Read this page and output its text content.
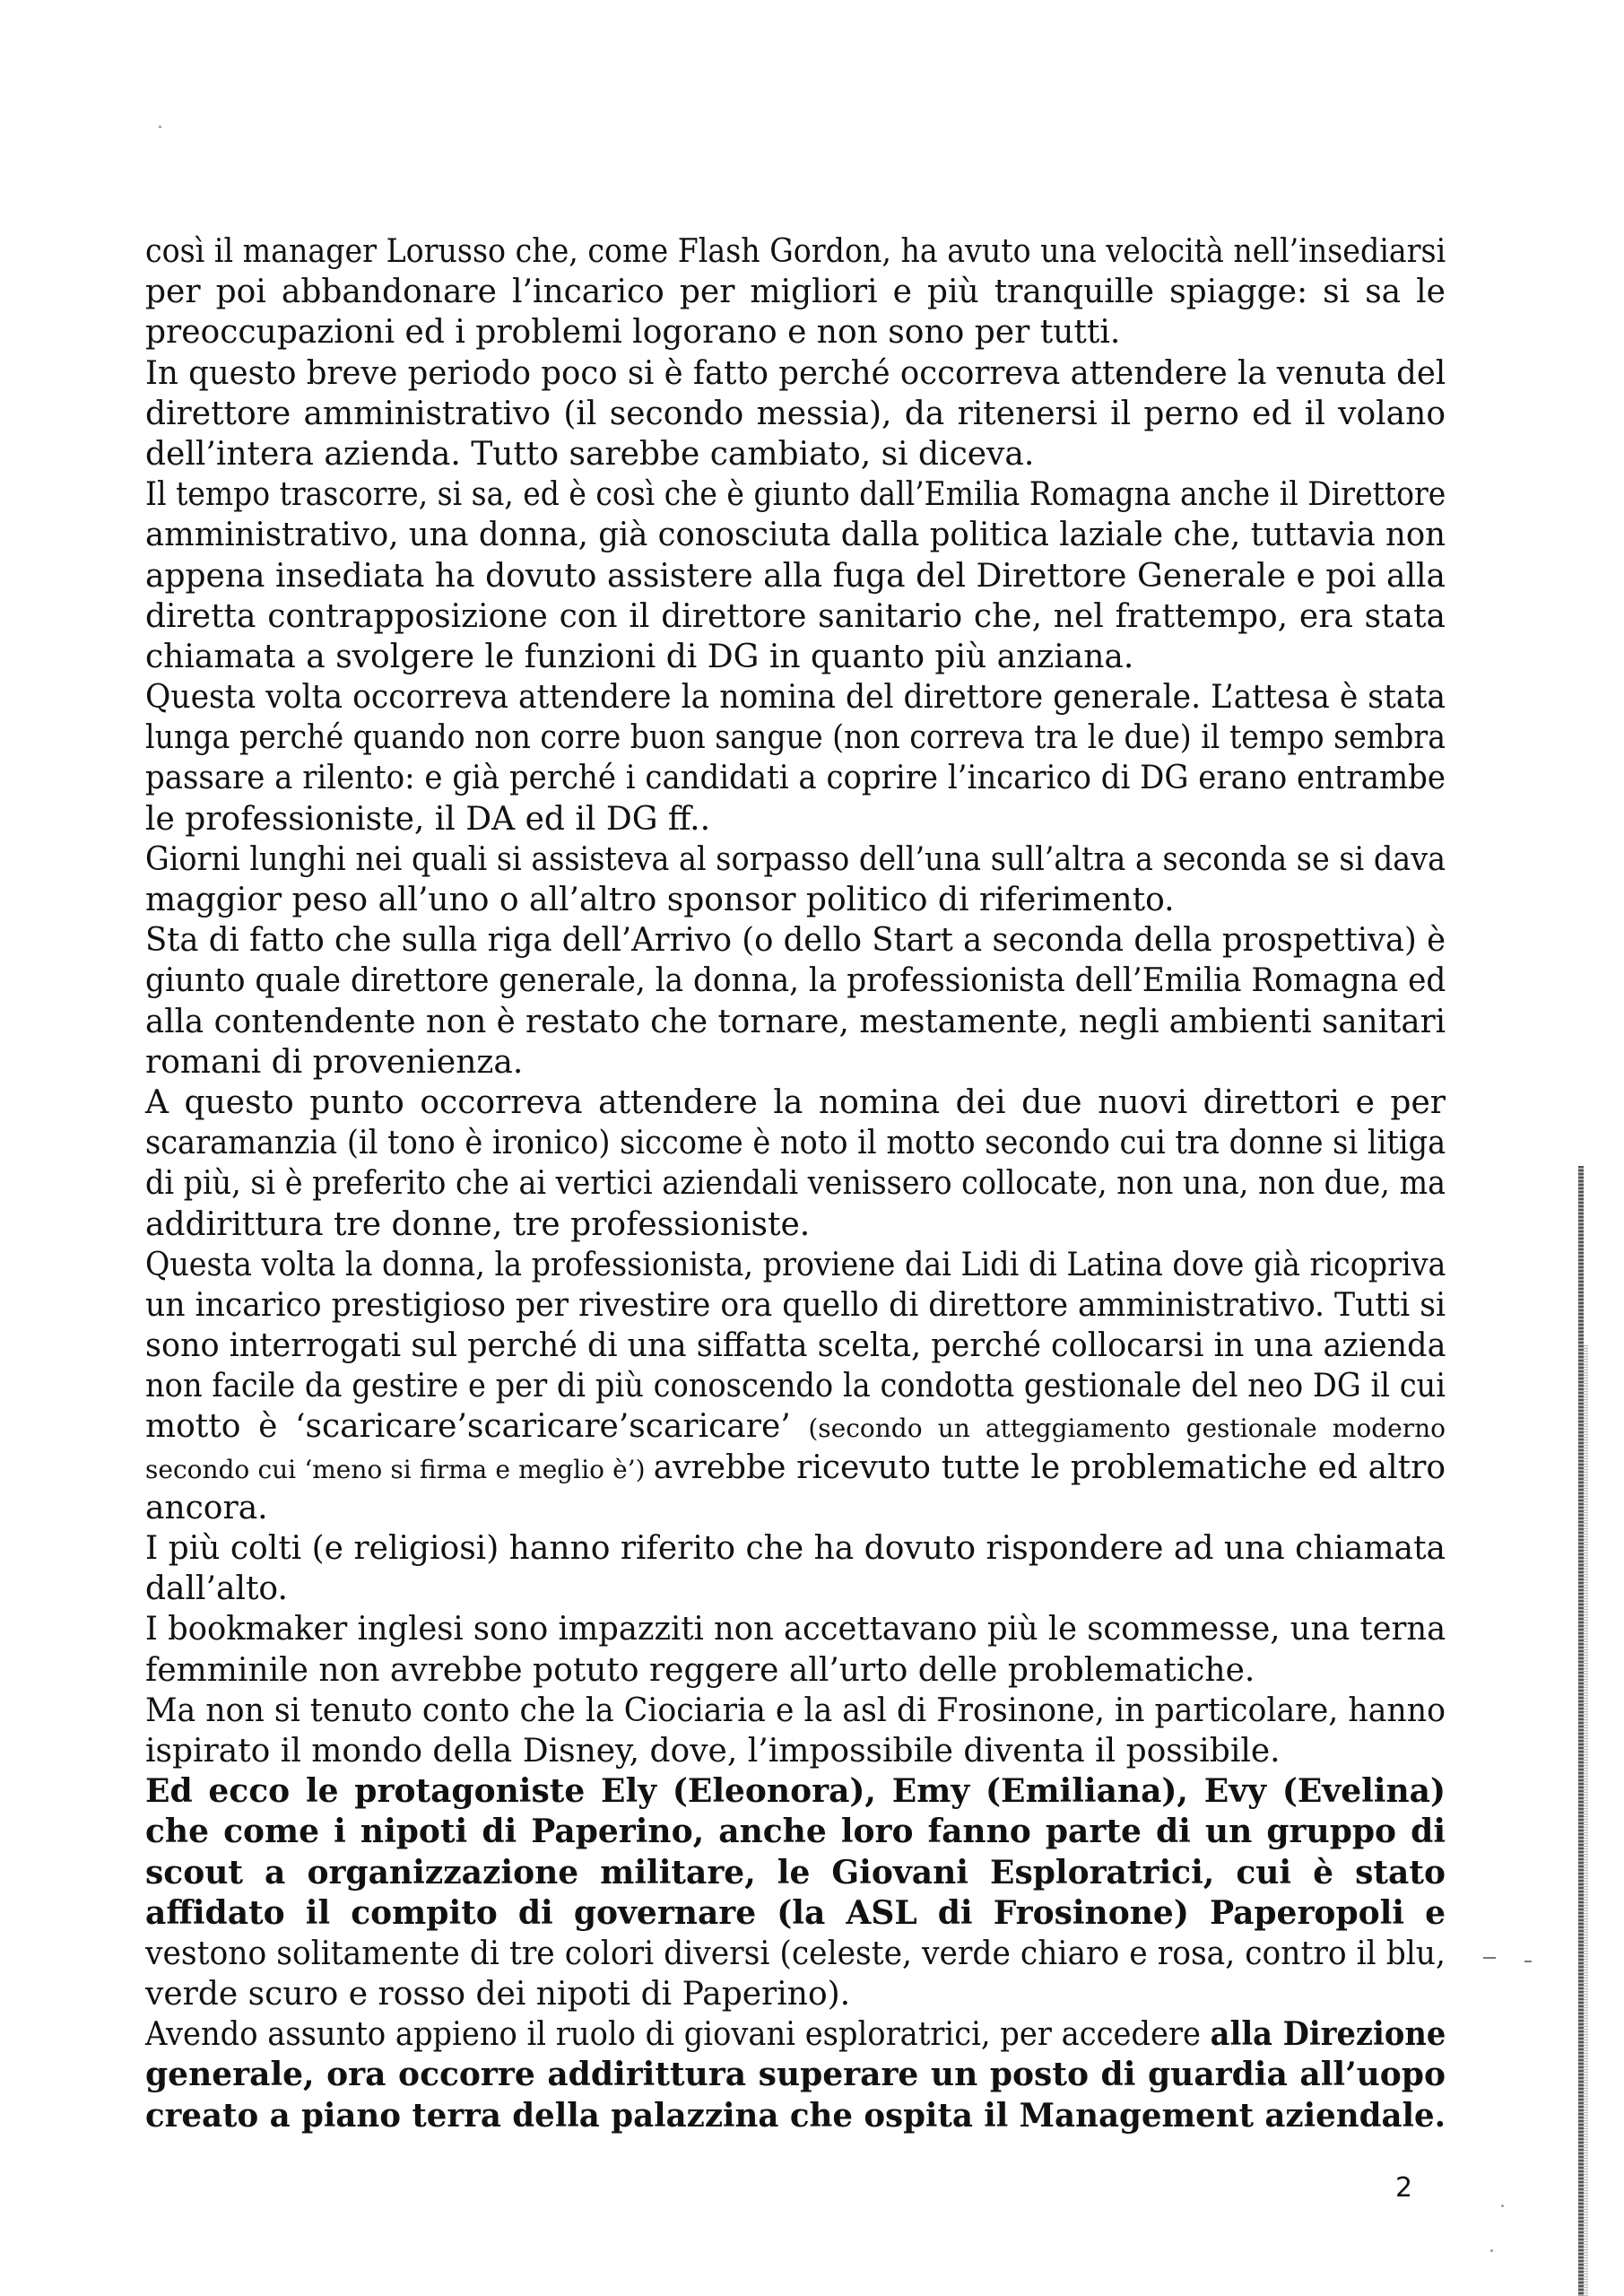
così il manager Lorusso che, come Flash Gordon, ha avuto una velocità nell’insediarsi
per poi abbandonare l’incarico per migliori e più tranquille spiagge: si sa le
preoccupazioni ed i problemi logorano e non sono per tutti.
In questo breve periodo poco si è fatto perché occorreva attendere la venuta del
direttore amministrativo (il secondo messia), da ritenersi il perno ed il volano
dell’intera azienda. Tutto sarebbe cambiato, si diceva.
Il tempo trascorre, si sa, ed è così che è giunto dall’Emilia Romagna anche il Direttore
amministrativo, una donna, già conosciuta dalla politica laziale che, tuttavia non
appena insediata ha dovuto assistere alla fuga del Direttore Generale e poi alla
diretta contrapposizione con il direttore sanitario che, nel frattempo, era stata
chiamata a svolgere le funzioni di DG in quanto più anziana.
Questa volta occorreva attendere la nomina del direttore generale. L’attesa è stata
lunga perché quando non corre buon sangue (non correva tra le due) il tempo sembra
passare a rilento: e già perché i candidati a coprire l’incarico di DG erano entrambe
le professioniste, il DA ed il DG ff..
Giorni lunghi nei quali si assisteva al sorpasso dell’una sull’altra a seconda se si dava
maggior peso all’uno o all’altro sponsor politico di riferimento.
Sta di fatto che sulla riga dell’Arrivo (o dello Start a seconda della prospettiva) è
giunto quale direttore generale, la donna, la professionista dell’Emilia Romagna ed
alla contendente non è restato che tornare, mestamente, negli ambienti sanitari
romani di provenienza.
A questo punto occorreva attendere la nomina dei due nuovi direttori e per
scaramanzia (il tono è ironico) siccome è noto il motto secondo cui tra donne si litiga
di più, si è preferito che ai vertici aziendali venissero collocate, non una, non due, ma
addirittura tre donne, tre professioniste.
Questa volta la donna, la professionista, proviene dai Lidi di Latina dove già ricopriva
un incarico prestigioso per rivestire ora quello di direttore amministrativo. Tutti si
sono interrogati sul perché di una siffatta scelta, perché collocarsi in una azienda
non facile da gestire e per di più conoscendo la condotta gestionale del neo DG il cui
motto è ‘scaricare’scaricare’scaricare’ (secondo un atteggiamento gestionale moderno
secondo cui ‘meno si firma e meglio è’) avrebbe ricevuto tutte le problematiche ed altro
ancora.
I più colti (e religiosi) hanno riferito che ha dovuto rispondere ad una chiamata
dall’alto.
I bookmaker inglesi sono impazziti non accettavano più le scommesse, una terna
femminile non avrebbe potuto reggere all’urto delle problematiche.
Ma non si tenuto conto che la Ciociaria e la asl di Frosinone, in particolare, hanno
ispirato il mondo della Disney, dove, l’impossibile diventa il possibile.
Ed ecco le protagoniste Ely (Eleonora), Emy (Emiliana), Evy (Evelina)
che come i nipoti di Paperino, anche loro fanno parte di un gruppo di
scout a organizzazione militare, le Giovani Esploratrici, cui è stato
affidato il compito di governare (la ASL di Frosinone) Paperopoli e
vestono solitamente di tre colori diversi (celeste, verde chiaro e rosa, contro il blu,
verde scuro e rosso dei nipoti di Paperino).
Avendo assunto appieno il ruolo di giovani esploratrici, per accedere alla Direzione
generale, ora occorre addirittura superare un posto di guardia all’uopo
creato a piano terra della palazzina che ospita il Management aziendale.
2
